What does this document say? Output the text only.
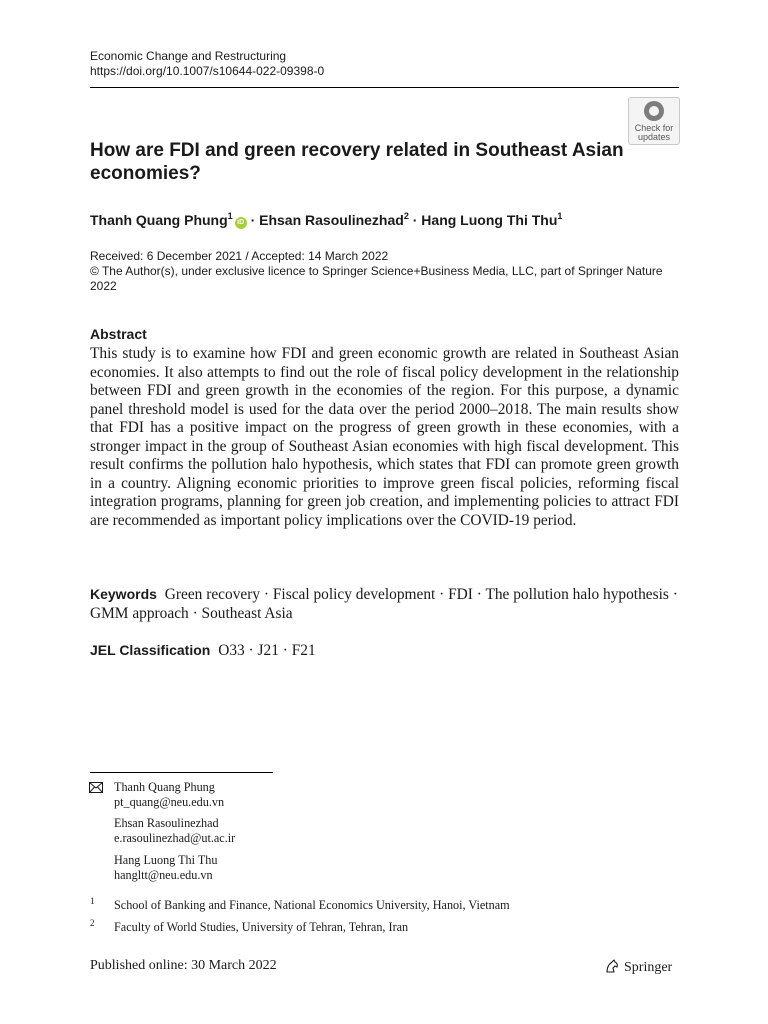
Economic Change and Restructuring
https://doi.org/10.1007/s10644-022-09398-0
Check for
updates
How are FDI and green recovery related in Southeast Asian economies?
Thanh Quang Phung$^1$iD · Ehsan Rasoulinezhad$^2$ · Hang Luong Thi Thu$^1$
Received: 6 December 2021 / Accepted: 14 March 2022
© The Author(s), under exclusive licence to Springer Science+Business Media, LLC, part of Springer Nature
2022
Abstract
This study is to examine how FDI and green economic growth are related in Southeast Asian economies. It also attempts to find out the role of fiscal policy development in the relationship between FDI and green growth in the economies of the region. For this purpose, a dynamic panel threshold model is used for the data over the period 2000–2018. The main results show that FDI has a positive impact on the progress of green growth in these economies, with a stronger impact in the group of Southeast Asian economies with high fiscal development. This result confirms the pollution halo hypothesis, which states that FDI can promote green growth in a country. Aligning economic priorities to improve green fiscal policies, reforming fiscal integration programs, planning for green job creation, and implementing policies to attract FDI are recommended as important policy implications over the COVID-19 period.
Keywords Green recovery · Fiscal policy development · FDI · The pollution halo hypothesis · GMM approach · Southeast Asia
JEL Classification O33 · J21 · F21
Thanh Quang Phung
pt_quang@neu.edu.vn
Ehsan Rasoulinezhad
e.rasoulinezhad@ut.ac.ir
Hang Luong Thi Thu
hangltt@neu.edu.vn
1 School of Banking and Finance, National Economics University, Hanoi, Vietnam
2 Faculty of World Studies, University of Tehran, Tehran, Iran
Published online: 30 March 2022	Springer
